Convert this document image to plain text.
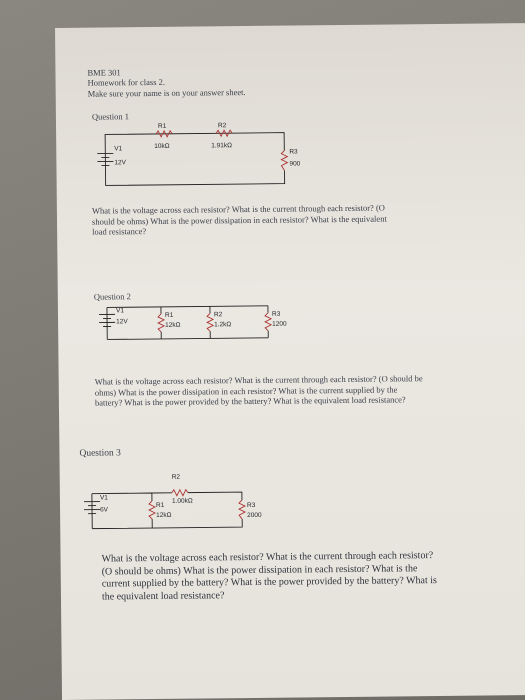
BME 301
Homework for class 2.
Make sure your name is on your answer sheet.
Question 1
R1
10kΩ
R2
1.91kΩ
R3
900
V1
12V
What is the voltage across each resistor? What is the current through each resistor? (O should be ohms) What is the power dissipation in each resistor? What is the equivalent load resistance?
Question 2
R1
12kΩ
R2
1.2kΩ
R3
1200
V1
12V
What is the voltage across each resistor? What is the current through each resistor? (O should be ohms) What is the power dissipation in each resistor? What is the current supplied by the battery? What is the power provided by the battery? What is the equivalent load resistance?
Question 3
R2
1.00kΩ
R1
12kΩ
R3
2000
V1
6V
What is the voltage across each resistor? What is the current through each resistor? (O should be ohms) What is the power dissipation in each resistor? What is the current supplied by the battery? What is the power provided by the battery? What is the equivalent load resistance?
